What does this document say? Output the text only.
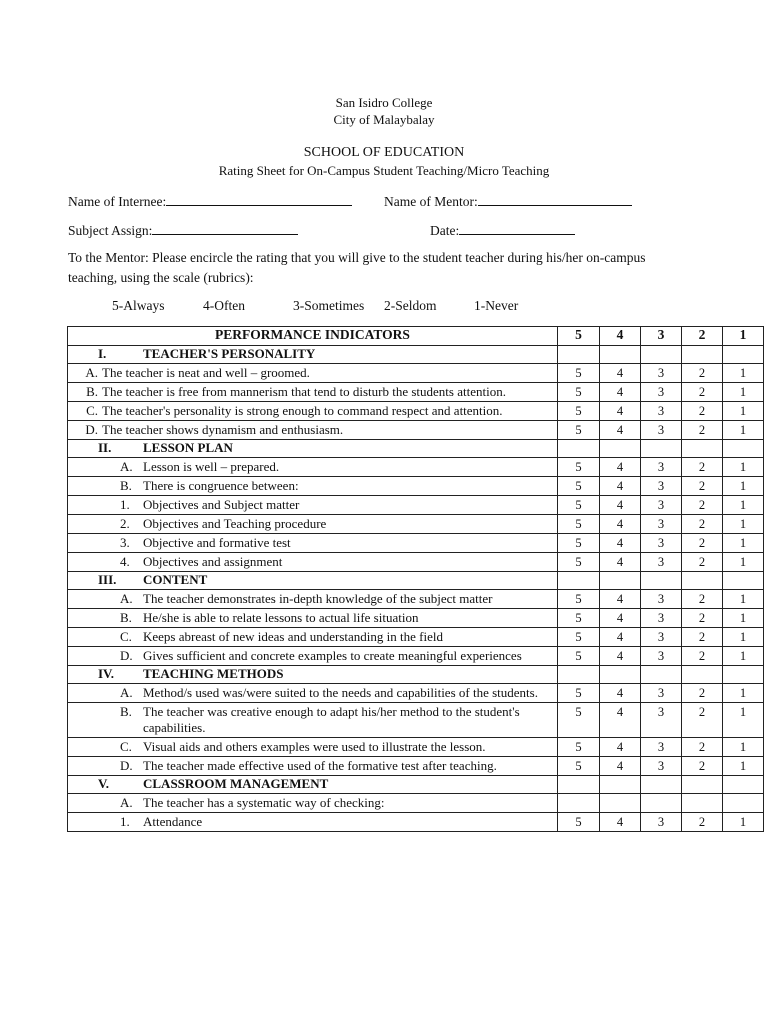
San Isidro College
City of Malaybalay
SCHOOL OF EDUCATION
Rating Sheet for On-Campus Student Teaching/Micro Teaching
Name of Internee:	Name of Mentor:
Subject Assign:	Date:
To the Mentor: Please encircle the rating that you will give to the student teacher during his/her on-campus teaching, using the scale (rubrics):
5-Always	4-Often	3-Sometimes 2-Seldom	1-Never
PERFORMANCE INDICATORS	5	4	3	2	1
I. TEACHER'S PERSONALITY					

A. The teacher is neat and well – groomed.	5	4	3	2	1

B. The teacher is free from mannerism that tend to disturb the students attention.	5	4	3	2	1

C. The teacher's personality is strong enough to command respect and attention.	5	4	3	2	1

D. The teacher shows dynamism and enthusiasm.	5	4	3	2	1
II. LESSON PLAN					

A. Lesson is well – prepared.	5	4	3	2	1

B. There is congruence between:	5	4	3	2	1

1. Objectives and Subject matter	5	4	3	2	1

2. Objectives and Teaching procedure	5	4	3	2	1

3. Objective and formative test	5	4	3	2	1

4. Objectives and assignment	5	4	3	2	1
III. CONTENT					

A. The teacher demonstrates in-depth knowledge of the subject matter	5	4	3	2	1

B. He/she is able to relate lessons to actual life situation	5	4	3	2	1

C. Keeps abreast of new ideas and understanding in the field	5	4	3	2	1

D. Gives sufficient and concrete examples to create meaningful experiences	5	4	3	2	1
IV. TEACHING METHODS					

A. Method/s used was/were suited to the needs and capabilities of the students.	5	4	3	2	1

B. The teacher was creative enough to adapt his/her method to the student's capabilities.	5	4	3	2	1

C. Visual aids and others examples were used to illustrate the lesson.	5	4	3	2	1

D. The teacher made effective used of the formative test after teaching.	5	4	3	2	1
V. CLASSROOM MANAGEMENT					

A. The teacher has a systematic way of checking:					

1. Attendance	5	4	3	2	1
